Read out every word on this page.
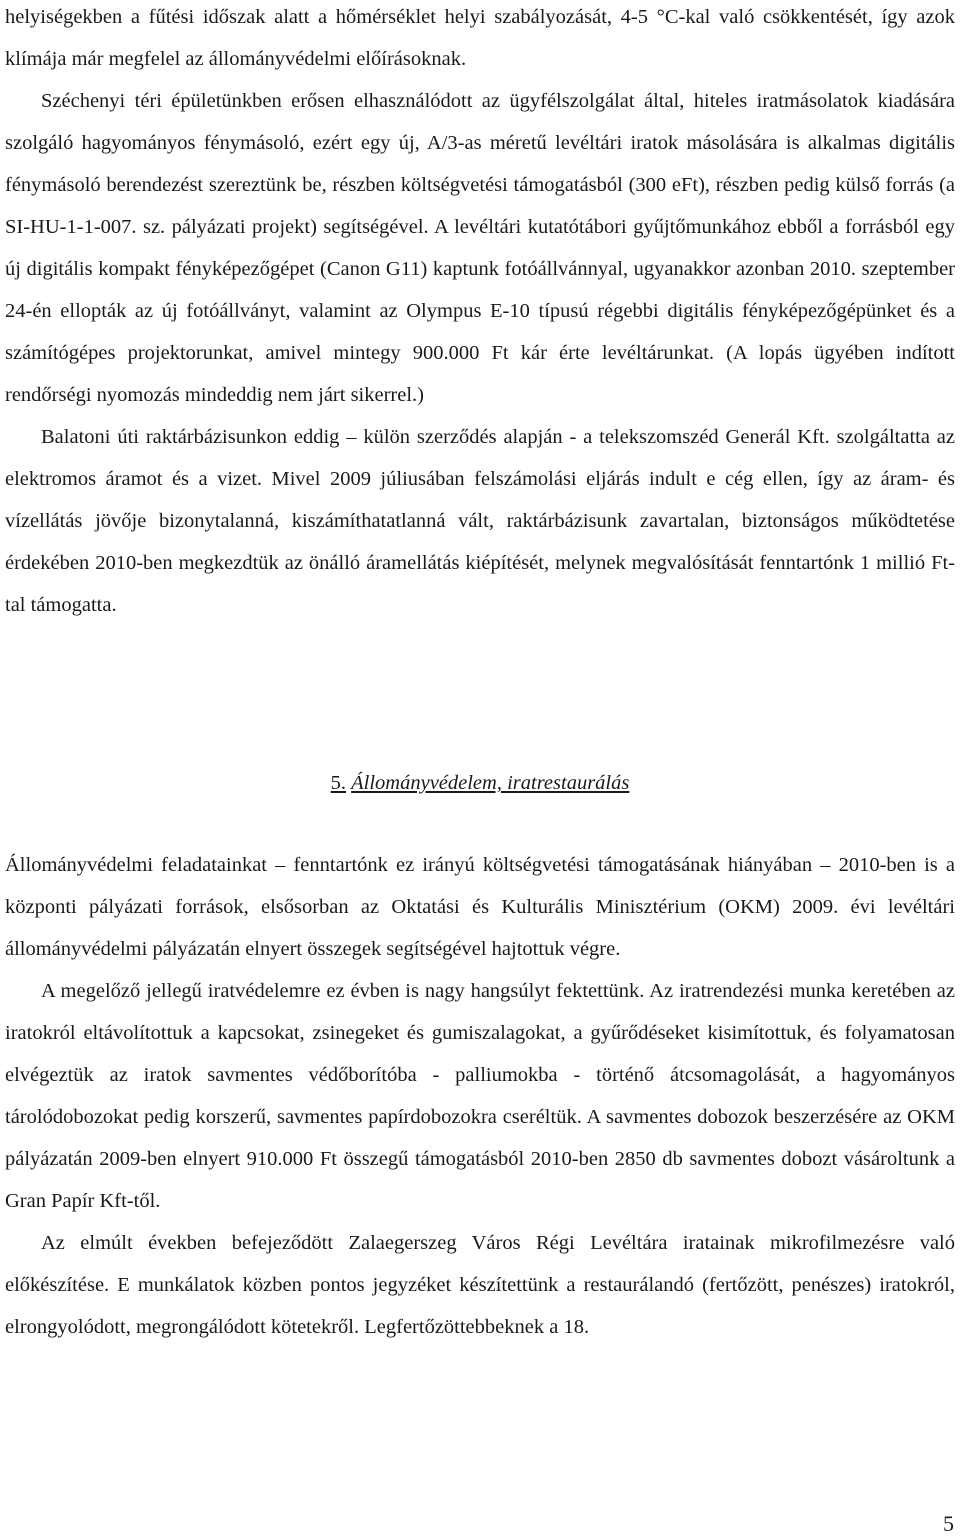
helyiségekben a fűtési időszak alatt a hőmérséklet helyi szabályozását, 4-5 °C-kal való csökkentését, így azok klímája már megfelel az állományvédelmi előírásoknak.

Széchenyi téri épületünkben erősen elhasználódott az ügyfélszolgálat által, hiteles iratmásolatok kiadására szolgáló hagyományos fénymásoló, ezért egy új, A/3-as méretű levéltári iratok másolására is alkalmas digitális fénymásoló berendezést szereztünk be, részben költségvetési támogatásból (300 eFt), részben pedig külső forrás (a SI-HU-1-1-007. sz. pályázati projekt) segítségével. A levéltári kutatótábori gyűjtőmunkához ebből a forrásból egy új digitális kompakt fényképezőgépet (Canon G11) kaptunk fotóállvánnyal, ugyanakkor azonban 2010. szeptember 24-én ellopták az új fotóállványt, valamint az Olympus E-10 típusú régebbi digitális fényképezőgépünket és a számítógépes projektorunkat, amivel mintegy 900.000 Ft kár érte levéltárunkat. (A lopás ügyében indított rendőrségi nyomozás mindeddig nem járt sikerrel.)

Balatoni úti raktárbázisunkon eddig – külön szerződés alapján - a telekszomszéd Generál Kft. szolgáltatta az elektromos áramot és a vizet. Mivel 2009 júliusában felszámolási eljárás indult e cég ellen, így az áram- és vízellátás jövője bizonytalanná, kiszámíthatatlanná vált, raktárbázisunk zavartalan, biztonságos működtetése érdekében 2010-ben megkezdtük az önálló áramellátás kiépítését, melynek megvalósítását fenntartónk 1 millió Ft-tal támogatta.

5. Állományvédelem, iratrestaurálás

Állományvédelmi feladatainkat – fenntartónk ez irányú költségvetési támogatásának hiányában – 2010-ben is a központi pályázati források, elsősorban az Oktatási és Kulturális Minisztérium (OKM) 2009. évi levéltári állományvédelmi pályázatán elnyert összegek segítségével hajtottuk végre.

A megelőző jellegű iratvédelemre ez évben is nagy hangsúlyt fektettünk. Az iratrendezési munka keretében az iratokról eltávolítottuk a kapcsokat, zsinegeket és gumiszalagokat, a gyűrődéseket kisimítottuk, és folyamatosan elvégeztük az iratok savmentes védőborítóba - palliumokba - történő átcsomagolását, a hagyományos tárolódobozokat pedig korszerű, savmentes papírdobozokra cseréltük. A savmentes dobozok beszerzésére az OKM pályázatán 2009-ben elnyert 910.000 Ft összegű támogatásból 2010-ben 2850 db savmentes dobozt vásároltunk a Gran Papír Kft-től.

Az elmúlt években befejeződött Zalaegerszeg Város Régi Levéltára iratainak mikrofilmezésre való előkészítése. E munkálatok közben pontos jegyzéket készítettünk a restaurálandó (fertőzött, penészes) iratokról, elrongyolódott, megrongálódott kötetekről. Legfertőzöttebbeknek a 18.

5
